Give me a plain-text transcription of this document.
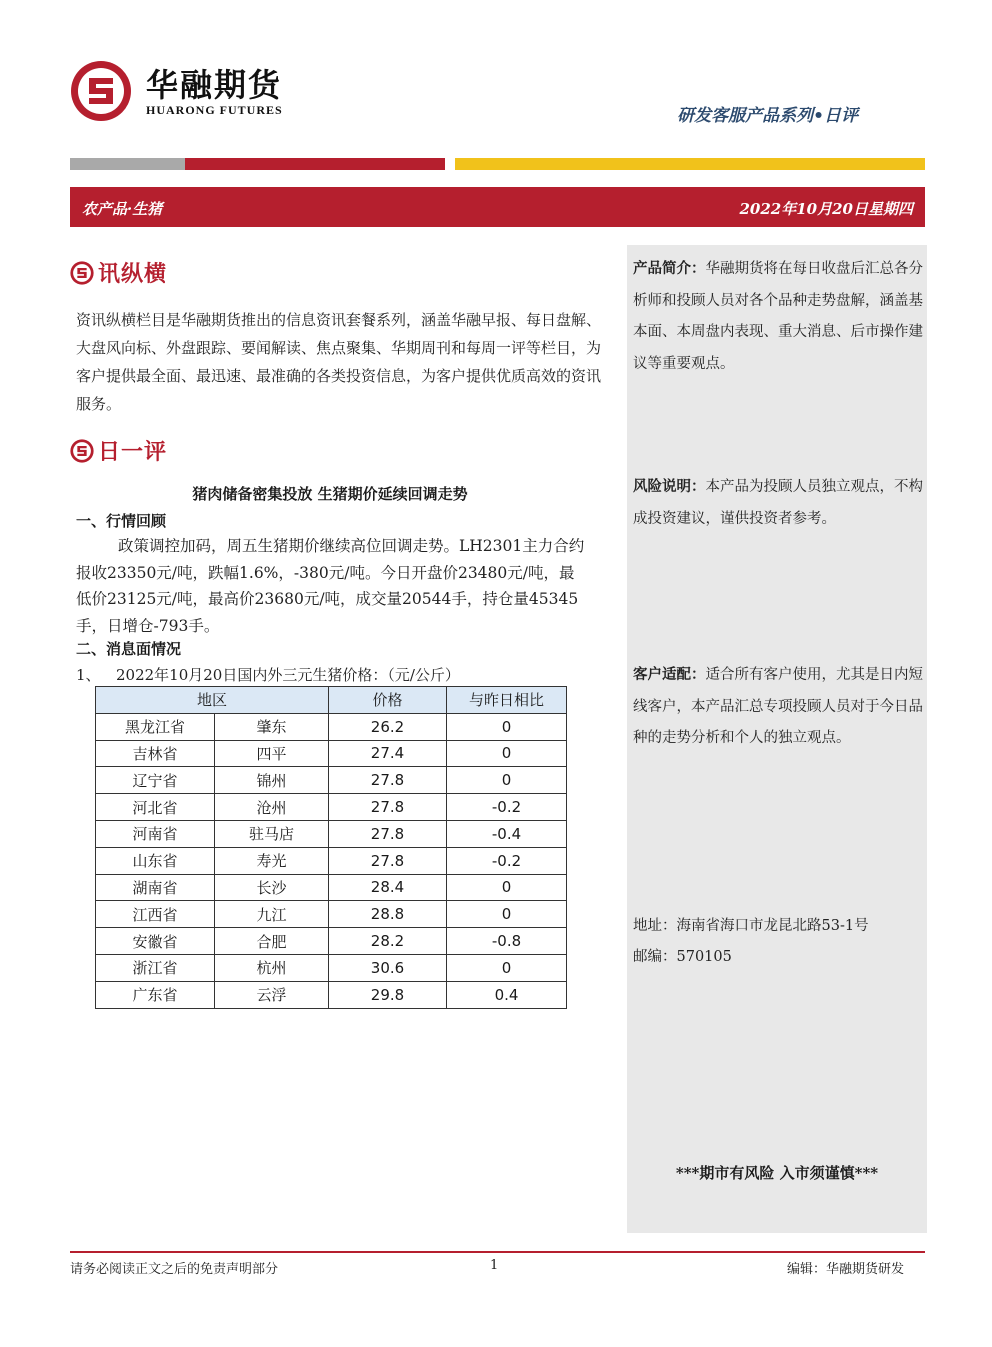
华融期货
HUARONG FUTURES	研发客服产品系列•日评
农产品·生猪	2022年10月20日星期四
讯纵横
资讯纵横栏目是华融期货推出的信息资讯套餐系列，涵盖华融早报、每日盘解、大盘风向标、外盘跟踪、要闻解读、焦点聚集、华期周刊和每周一评等栏目，为客户提供最全面、最迅速、最准确的各类投资信息，为客户提供优质高效的资讯服务。
日一评
猪肉储备密集投放 生猪期价延续回调走势
一、行情回顾
政策调控加码，周五生猪期价继续高位回调走势。LH2301主力合约报收23350元/吨，跌幅1.6%，-380元/吨。今日开盘价23480元/吨，最低价23125元/吨，最高价23680元/吨，成交量20544手，持仓量45345手，日增仓-793手。
二、消息面情况
1、 2022年10月20日国内外三元生猪价格：（元/公斤）
地区		价格	与昨日相比
黑龙江省	肇东	26.2	0
吉林省	四平	27.4	0
辽宁省	锦州	27.8	0
河北省	沧州	27.8	-0.2
河南省	驻马店	27.8	-0.4
山东省	寿光	27.8	-0.2
湖南省	长沙	28.4	0
江西省	九江	28.8	0
安徽省	合肥	28.2	-0.8
浙江省	杭州	30.6	0
广东省	云浮	29.8	0.4
产品简介：华融期货将在每日收盘后汇总各分析师和投顾人员对各个品种走势盘解，涵盖基本面、本周盘内表现、重大消息、后市操作建议等重要观点。
风险说明：本产品为投顾人员独立观点，不构成投资建议，谨供投资者参考。
客户适配：适合所有客户使用，尤其是日内短线客户，本产品汇总专项投顾人员对于今日品种的走势分析和个人的独立观点。
地址：海南省海口市龙昆北路53-1号
邮编：570105
***期市有风险 入市须谨慎***
请务必阅读正文之后的免责声明部分	1	编辑：华融期货研发
